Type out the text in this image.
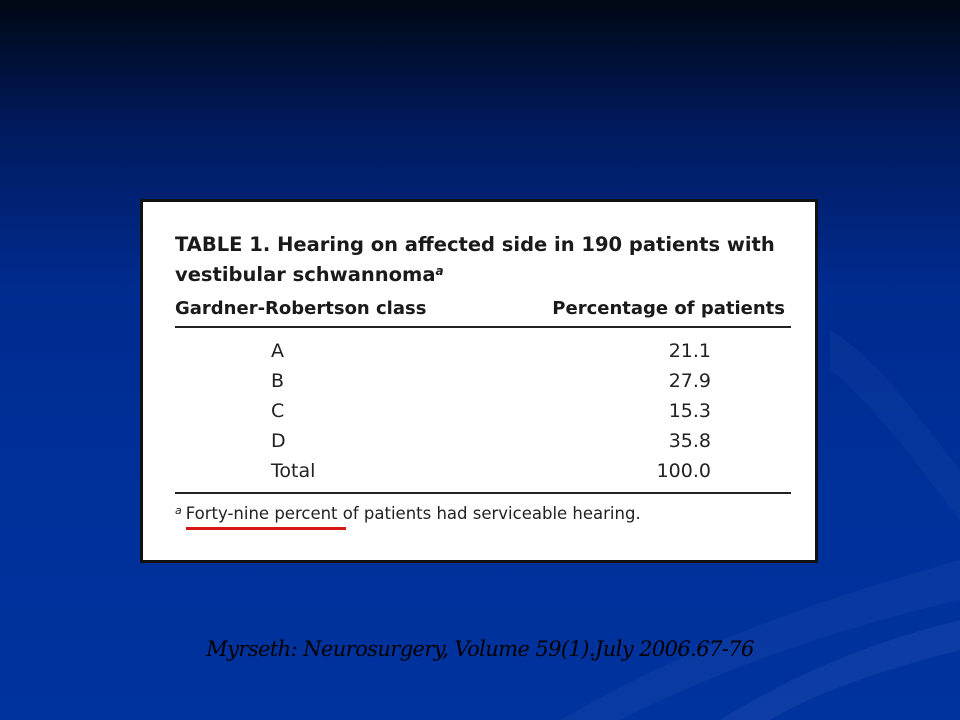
TABLE 1. Hearing on affected side in 190 patients with vestibular schwannoma$^a$
Gardner-Robertson class	Percentage of patients
A	21.1
B	27.9
C	15.3
D	35.8
Total	100.0
$^a$ Forty-nine percent of patients had serviceable hearing.
Myrseth: Neurosurgery, Volume 59(1).July 2006.67-76
